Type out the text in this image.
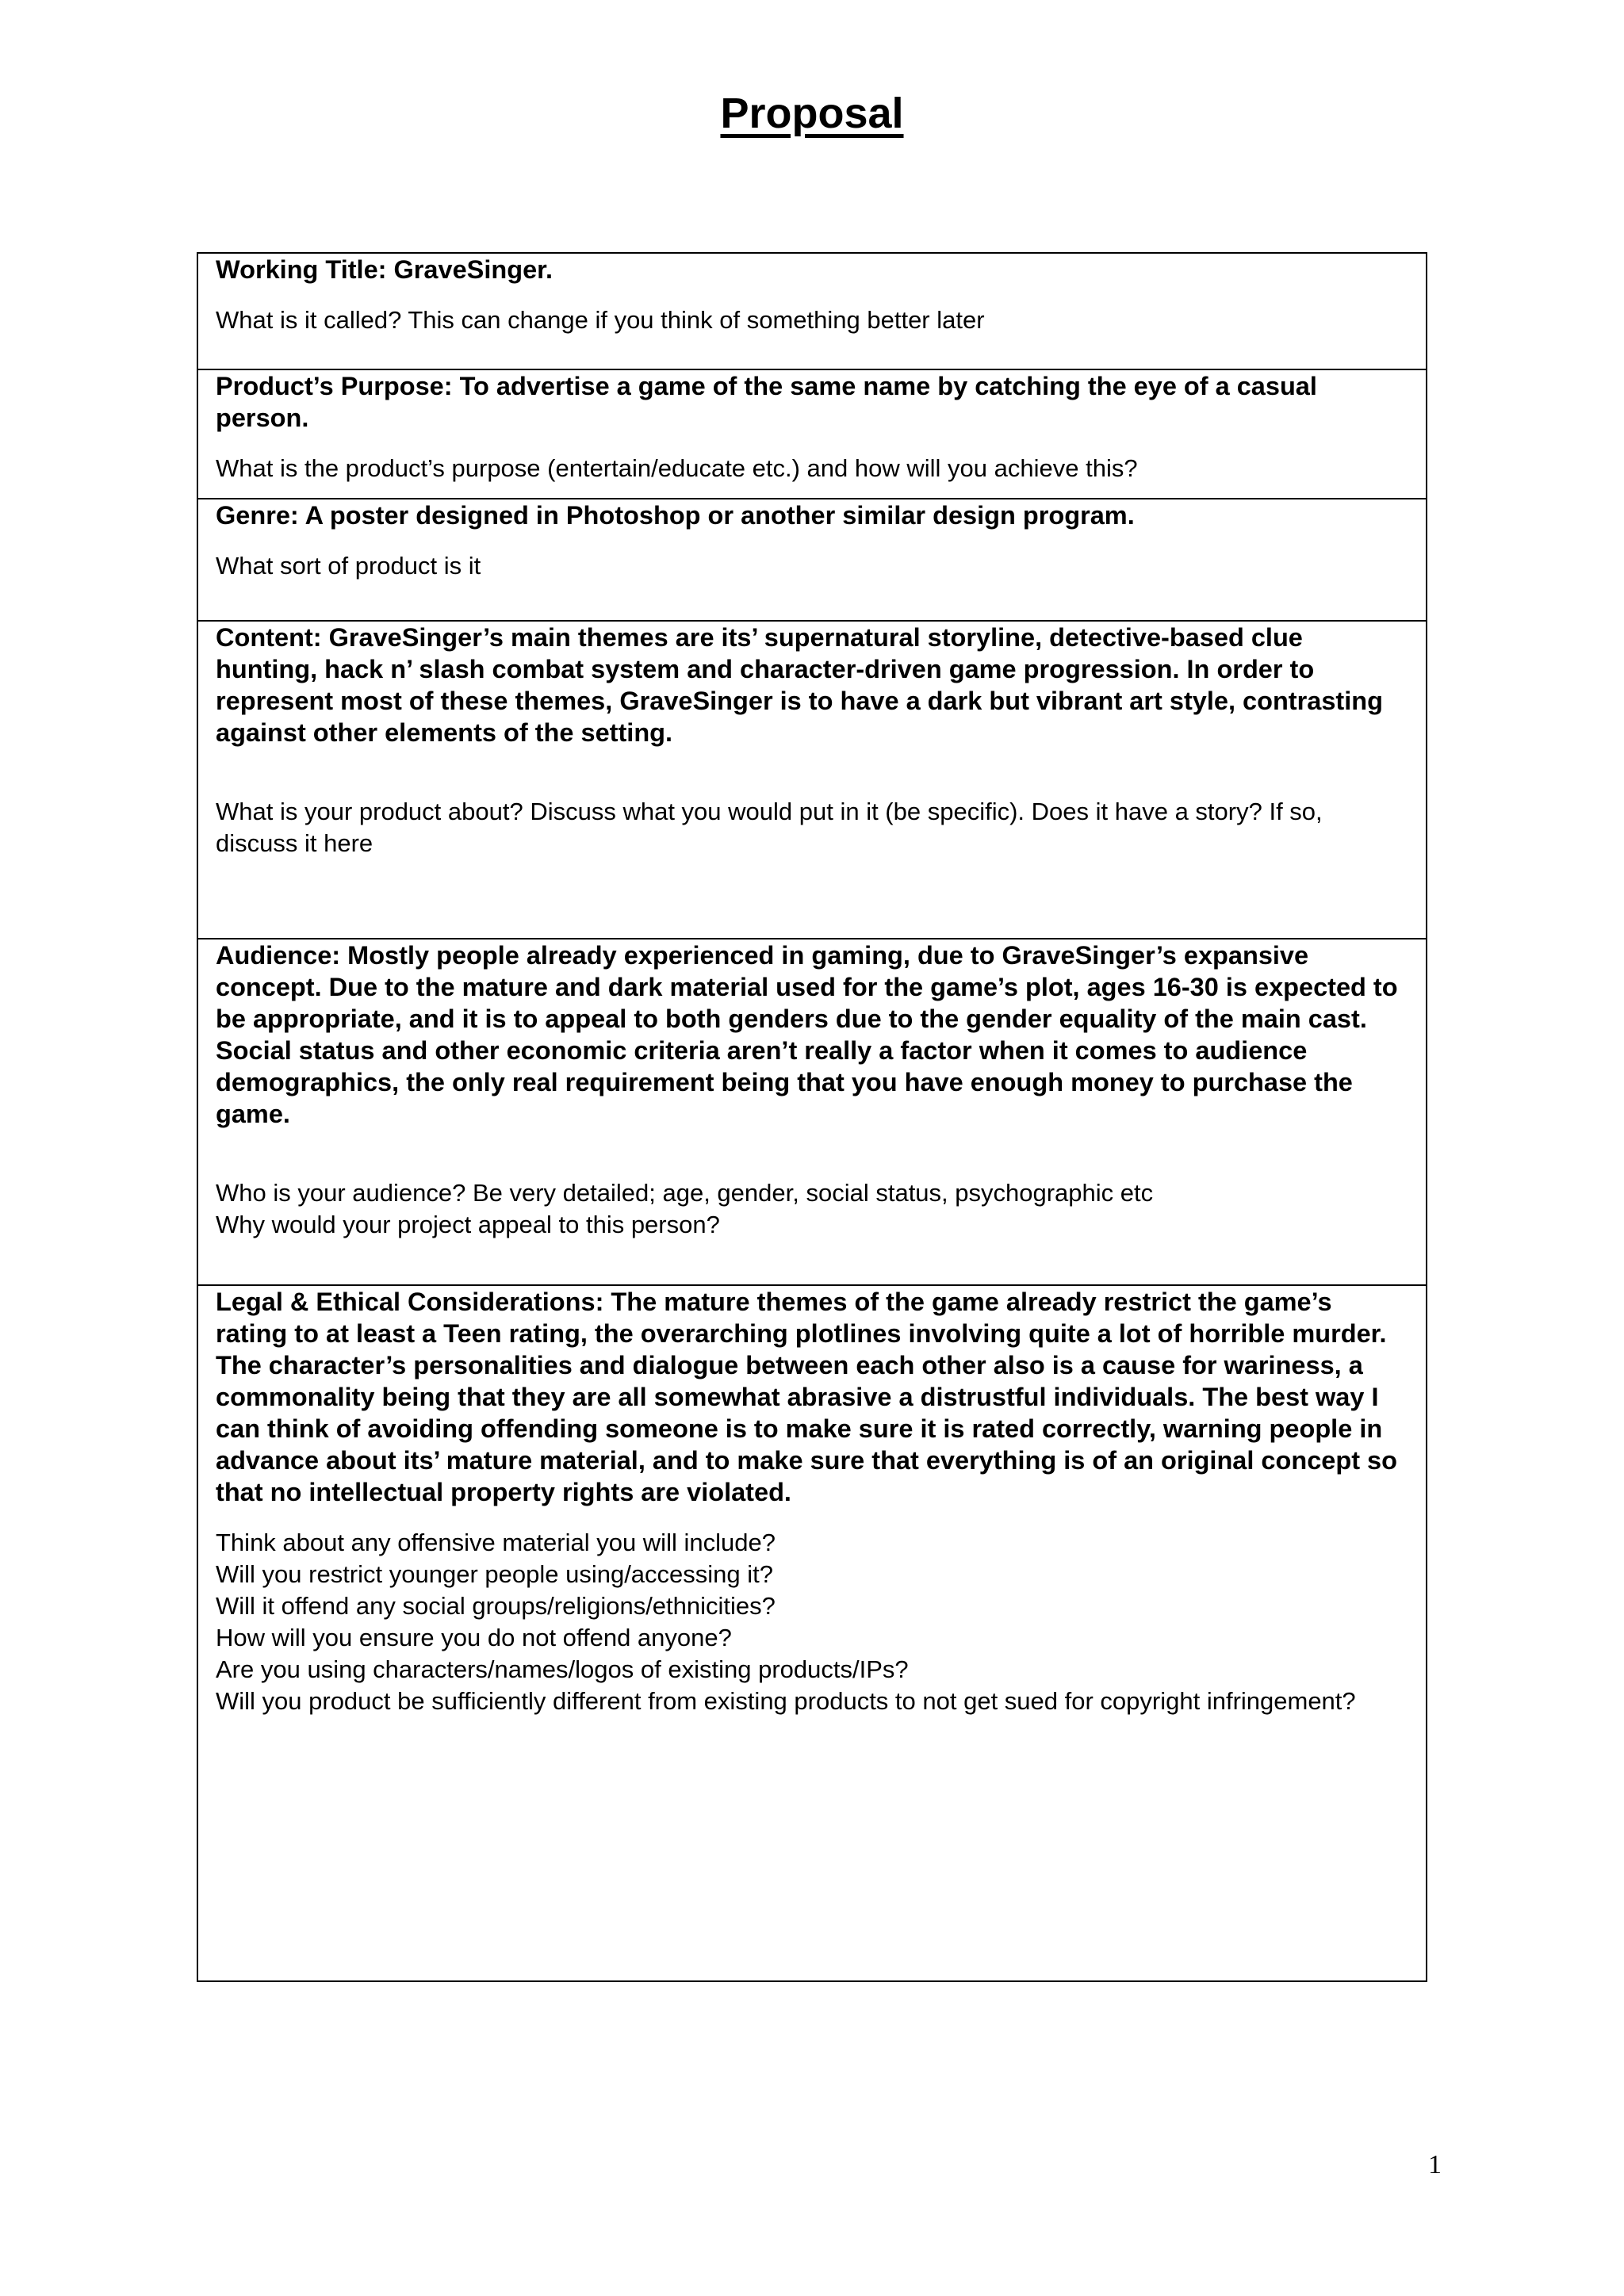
Proposal

Working Title: GraveSinger.

What is it called? This can change if you think of something better later

Product’s Purpose: To advertise a game of the same name by catching the eye of a casual person.

What is the product’s purpose (entertain/educate etc.) and how will you achieve this?

Genre: A poster designed in Photoshop or another similar design program.

What sort of product is it

Content: GraveSinger’s main themes are its’ supernatural storyline, detective-based clue hunting, hack n’ slash combat system and character-driven game progression. In order to represent most of these themes, GraveSinger is to have a dark but vibrant art style, contrasting against other elements of the setting.

What is your product about? Discuss what you would put in it (be specific). Does it have a story? If so, discuss it here

Audience: Mostly people already experienced in gaming, due to GraveSinger’s expansive concept. Due to the mature and dark material used for the game’s plot, ages 16-30 is expected to be appropriate, and it is to appeal to both genders due to the gender equality of the main cast. Social status and other economic criteria aren’t really a factor when it comes to audience demographics, the only real requirement being that you have enough money to purchase the game.

Who is your audience? Be very detailed; age, gender, social status, psychographic etc
Why would your project appeal to this person?

Legal & Ethical Considerations: The mature themes of the game already restrict the game’s rating to at least a Teen rating, the overarching plotlines involving quite a lot of horrible murder. The character’s personalities and dialogue between each other also is a cause for wariness, a commonality being that they are all somewhat abrasive a distrustful individuals. The best way I can think of avoiding offending someone is to make sure it is rated correctly, warning people in advance about its’ mature material, and to make sure that everything is of an original concept so that no intellectual property rights are violated.

Think about any offensive material you will include?
Will you restrict younger people using/accessing it?
Will it offend any social groups/religions/ethnicities?
How will you ensure you do not offend anyone?
Are you using characters/names/logos of existing products/IPs?
Will you product be sufficiently different from existing products to not get sued for copyright infringement?

1
